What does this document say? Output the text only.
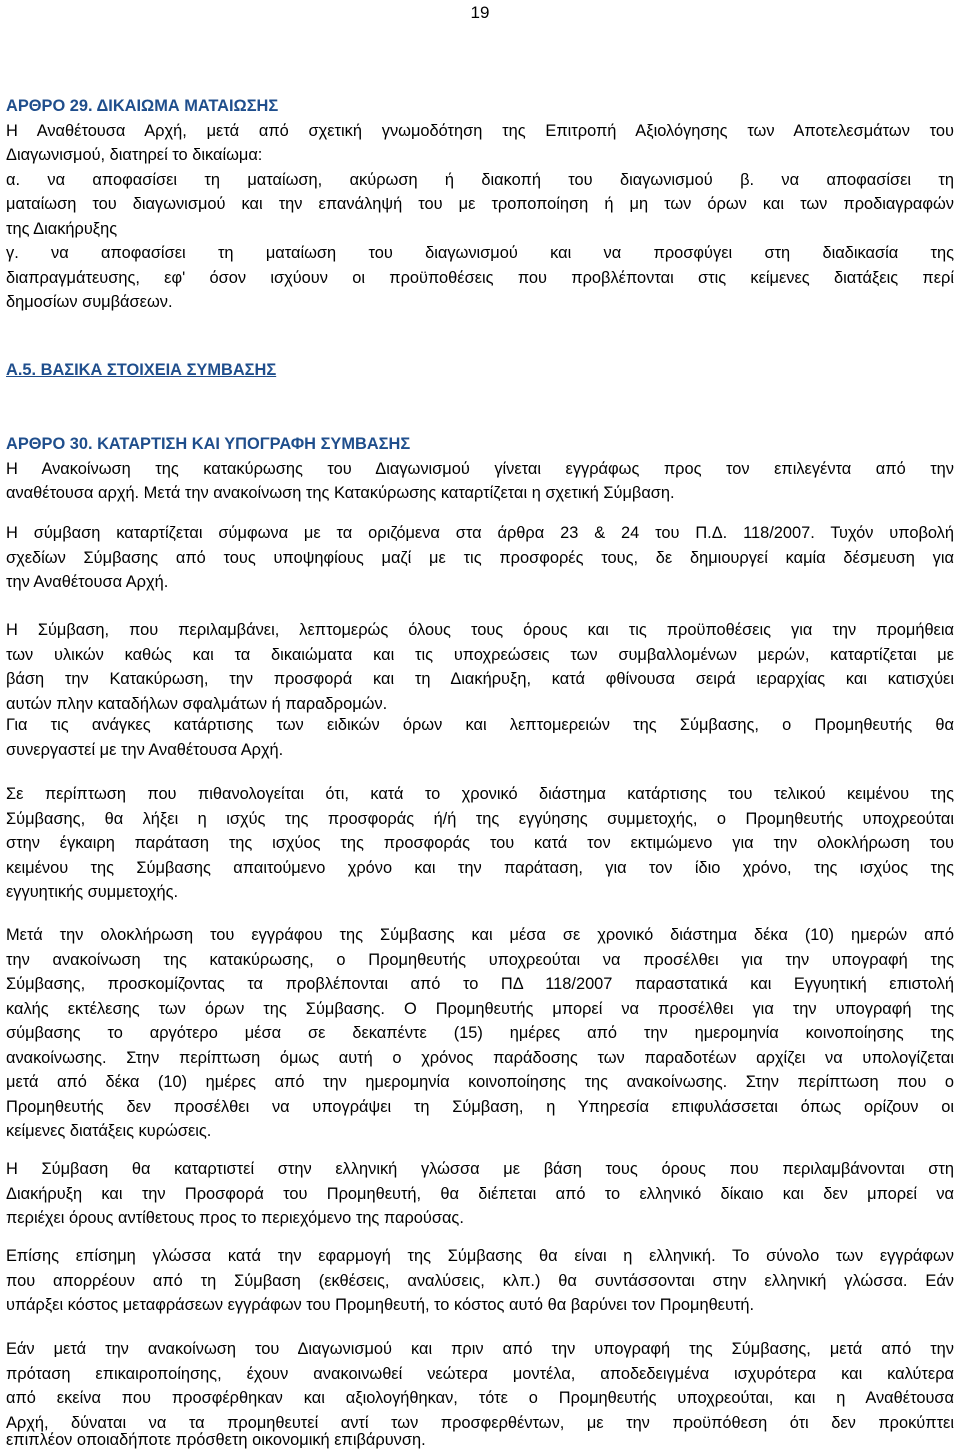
19
ΑΡΘΡΟ 29. ΔΙΚΑΙΩΜΑ ΜΑΤΑΙΩΣΗΣ
Η Αναθέτουσα Αρχή, μετά από σχετική γνωμοδότηση της Επιτροπή Αξιολόγησης των Αποτελεσμάτων του
Διαγωνισμού, διατηρεί το δικαίωμα:
α. να αποφασίσει τη ματαίωση, ακύρωση ή διακοπή του διαγωνισμού β. να αποφασίσει τη
ματαίωση του διαγωνισμού και την επανάληψή του με τροποποίηση ή μη των όρων και των προδιαγραφών
της Διακήρυξης
γ. να αποφασίσει τη ματαίωση του διαγωνισμού και να προσφύγει στη διαδικασία της
διαπραγμάτευσης, εφ' όσον ισχύουν οι προϋποθέσεις που προβλέπονται στις κείμενες διατάξεις περί
δημοσίων συμβάσεων.
Α.5. ΒΑΣΙΚΑ ΣΤΟΙΧΕΙΑ ΣΥΜΒΑΣΗΣ
ΑΡΘΡΟ 30. ΚΑΤΑΡΤΙΣΗ ΚΑΙ ΥΠΟΓΡΑΦΗ ΣΥΜΒΑΣΗΣ
Η Ανακοίνωση της κατακύρωσης του Διαγωνισμού γίνεται εγγράφως προς τον επιλεγέντα από την
αναθέτουσα αρχή. Μετά την ανακοίνωση της Κατακύρωσης καταρτίζεται η σχετική Σύμβαση.
Η σύμβαση καταρτίζεται σύμφωνα με τα οριζόμενα στα άρθρα 23 & 24 του Π.Δ. 118/2007. Τυχόν υποβολή
σχεδίων Σύμβασης από τους υποψηφίους μαζί με τις προσφορές τους, δε δημιουργεί καμία δέσμευση για
την Αναθέτουσα Αρχή.
Η Σύμβαση, που περιλαμβάνει, λεπτομερώς όλους τους όρους και τις προϋποθέσεις για την προμήθεια
των υλικών καθώς και τα δικαιώματα και τις υποχρεώσεις των συμβαλλομένων μερών, καταρτίζεται με
βάση την Κατακύρωση, την προσφορά και τη Διακήρυξη, κατά φθίνουσα σειρά ιεραρχίας και κατισχύει
αυτών πλην καταδήλων σφαλμάτων ή παραδρομών.
Για τις ανάγκες κατάρτισης των ειδικών όρων και λεπτομερειών της Σύμβασης, ο Προμηθευτής θα
συνεργαστεί με την Αναθέτουσα Αρχή.
Σε περίπτωση που πιθανολογείται ότι, κατά το χρονικό διάστημα κατάρτισης του τελικού κειμένου της
Σύμβασης, θα λήξει η ισχύς της προσφοράς ή/ή της εγγύησης συμμετοχής, ο Προμηθευτής υποχρεούται
στην έγκαιρη παράταση της ισχύος της προσφοράς του κατά τον εκτιμώμενο για την ολοκλήρωση του
κειμένου της Σύμβασης απαιτούμενο χρόνο και την παράταση, για τον ίδιο χρόνο, της ισχύος της
εγγυητικής συμμετοχής.
Μετά την ολοκλήρωση του εγγράφου της Σύμβασης και μέσα σε χρονικό διάστημα δέκα (10) ημερών από
την ανακοίνωση της κατακύρωσης, ο Προμηθευτής υποχρεούται να προσέλθει για την υπογραφή της
Σύμβασης, προσκομίζοντας τα προβλέπονται από το ΠΔ 118/2007 παραστατικά και Εγγυητική επιστολή
καλής εκτέλεσης των όρων της Σύμβασης. Ο Προμηθευτής μπορεί να προσέλθει για την υπογραφή της
σύμβασης το αργότερο μέσα σε δεκαπέντε (15) ημέρες από την ημερομηνία κοινοποίησης της
ανακοίνωσης. Στην περίπτωση όμως αυτή ο χρόνος παράδοσης των παραδοτέων αρχίζει να υπολογίζεται
μετά από δέκα (10) ημέρες από την ημερομηνία κοινοποίησης της ανακοίνωσης. Στην περίπτωση που ο
Προμηθευτής δεν προσέλθει να υπογράψει τη Σύμβαση, η Υπηρεσία επιφυλάσσεται όπως ορίζουν οι
κείμενες διατάξεις κυρώσεις.
Η Σύμβαση θα καταρτιστεί στην ελληνική γλώσσα με βάση τους όρους που περιλαμβάνονται στη
Διακήρυξη και την Προσφορά του Προμηθευτή, θα διέπεται από το ελληνικό δίκαιο και δεν μπορεί να
περιέχει όρους αντίθετους προς το περιεχόμενο της παρούσας.
Επίσης επίσημη γλώσσα κατά την εφαρμογή της Σύμβασης θα είναι η ελληνική. Το σύνολο των εγγράφων
που απορρέουν από τη Σύμβαση (εκθέσεις, αναλύσεις, κλπ.) θα συντάσσονται στην ελληνική γλώσσα. Εάν
υπάρξει κόστος μεταφράσεων εγγράφων του Προμηθευτή, το κόστος αυτό θα βαρύνει τον Προμηθευτή.
Εάν μετά την ανακοίνωση του Διαγωνισμού και πριν από την υπογραφή της Σύμβασης, μετά από την
πρόταση επικαιροποίησης, έχουν ανακοινωθεί νεώτερα μοντέλα, αποδεδειγμένα ισχυρότερα και καλύτερα
από εκείνα που προσφέρθηκαν και αξιολογήθηκαν, τότε ο Προμηθευτής υποχρεούται, και η Αναθέτουσα
Αρχή, δύναται να τα προμηθευτεί αντί των προσφερθέντων, με την προϋπόθεση ότι δεν προκύπτει
επιπλέον οποιαδήποτε πρόσθετη οικονομική επιβάρυνση.
